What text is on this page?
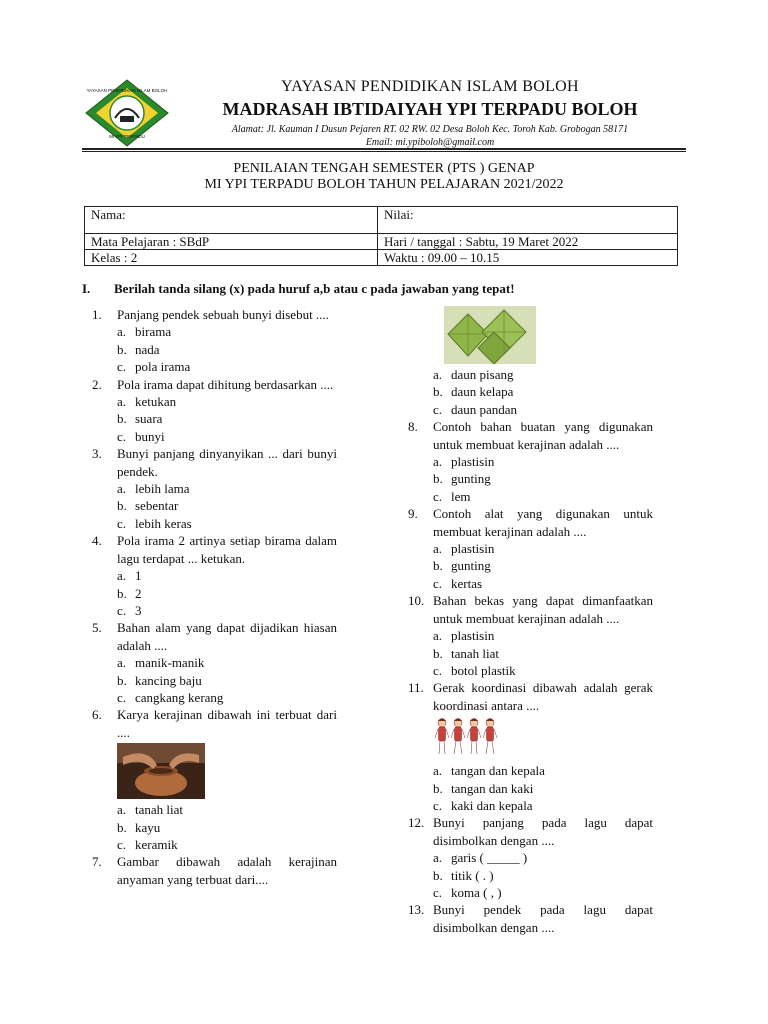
YAYASAN PENDIDIKAN ISLAM BOLOH
MI YPI TERPADU
YAYASAN PENDIDIKAN ISLAM BOLOH
MADRASAH IBTIDAIYAH YPI TERPADU BOLOH
Alamat: Jl. Kauman I Dusun Pejaren RT. 02 RW. 02 Desa Boloh Kec. Toroh Kab. Grobogan 58171
Email: mi.ypiboloh@gmail.com
PENILAIAN TENGAH SEMESTER (PTS ) GENAP
MI YPI TERPADU BOLOH TAHUN PELAJARAN 2021/2022
Nama:	Nilai:
Mata Pelajaran : SBdP	Hari / tanggal : Sabtu, 19 Maret 2022
Kelas : 2	Waktu : 09.00 – 10.15
I. Berilah tanda silang (x) pada huruf a,b atau c pada jawaban yang tepat!
1.	Panjang pendek sebuah bunyi disebut ....
a. birama
b. nada
c. pola irama
2.	Pola irama dapat dihitung berdasarkan ....
a. ketukan
b. suara
c. bunyi
3.	Bunyi panjang dinyanyikan ... dari bunyi pendek.
a. lebih lama
b. sebentar
c. lebih keras
4.	Pola irama 2 artinya setiap birama dalam lagu terdapat ... ketukan.
a. 1
b. 2
c. 3
5.	Bahan alam yang dapat dijadikan hiasan adalah ....
a. manik-manik
b. kancing baju
c. cangkang kerang
6.	Karya kerajinan dibawah ini terbuat dari ....
a. tanah liat
b. kayu
c. keramik
7.	Gambar dibawah adalah kerajinan anyaman yang terbuat dari....
a. daun pisang
b. daun kelapa
c. daun pandan
8.	Contoh bahan buatan yang digunakan untuk membuat kerajinan adalah ....
a. plastisin
b. gunting
c. lem
9.	Contoh alat yang digunakan untuk membuat kerajinan adalah ....
a. plastisin
b. gunting
c. kertas
10. Bahan bekas yang dapat dimanfaatkan untuk membuat kerajinan adalah ....
a. plastisin
b. tanah liat
c. botol plastik
11. Gerak koordinasi dibawah adalah gerak koordinasi antara ....
a. tangan dan kepala
b. tangan dan kaki
c. kaki dan kepala
12. Bunyi panjang pada lagu dapat disimbolkan dengan ....
a. garis ( _____ )
b. titik ( . )
c. koma ( , )
13. Bunyi pendek pada lagu dapat disimbolkan dengan ....
